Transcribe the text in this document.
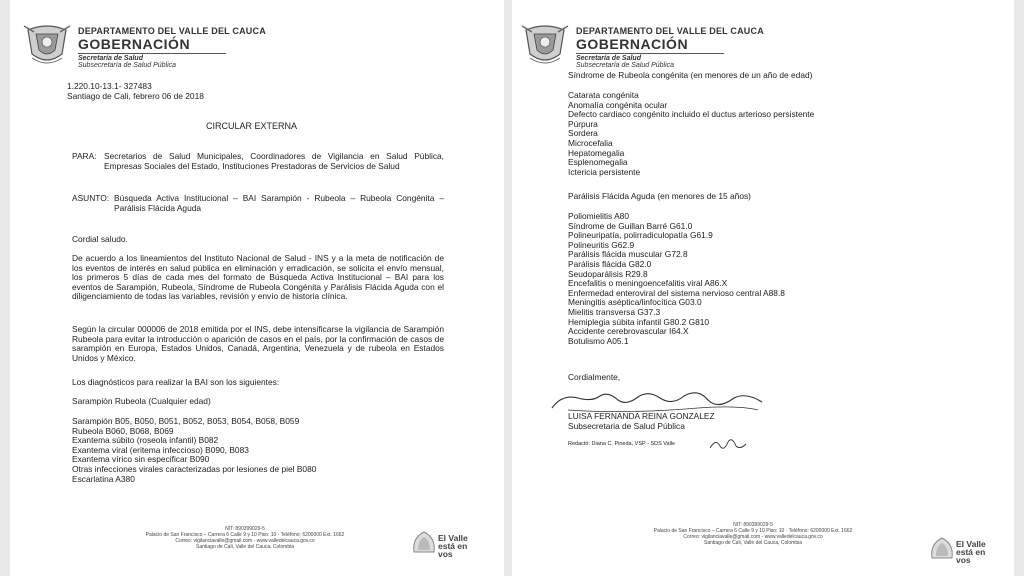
DEPARTAMENTO DEL VALLE DEL CAUCA
GOBERNACIÓN
Secretaría de Salud
Subsecretaría de Salud Pública
1.220.10-13.1- 327483
Santiago de Cali, febrero 06 de 2018
CIRCULAR EXTERNA
PARA: Secretarios de Salud Municipales, Coordinadores de Vigilancia en Salud Pública, Empresas Sociales del Estado, Instituciones Prestadoras de Servicios de Salud
ASUNTO: Búsqueda Activa Institucional – BAI Sarampión - Rubeola – Rubeola Congénita – Parálisis Flácida Aguda
Cordial saludo.
De acuerdo a los lineamientos del Instituto Nacional de Salud - INS y a la meta de notificación de los eventos de interés en salud pública en eliminación y erradicación, se solicita el envío mensual, los primeros 5 días de cada mes del formato de Búsqueda Activa Institucional – BAI para los eventos de Sarampión, Rubeola, Síndrome de Rubeola Congénita y Parálisis Flácida Aguda con el diligenciamiento de todas las variables, revisión y envío de historia clínica.
Según la circular 000006 de 2018 emitida por el INS, debe intensificarse la vigilancia de Sarampión Rubeola para evitar la introducción o aparición de casos en el país, por la confirmación de casos de sarampión en Europa, Estados Unidos, Canadá, Argentina, Venezuela y de rubeola en Estados Unidos y México.
Los diagnósticos para realizar la BAI son los siguientes:
Sarampión Rubeola (Cualquier edad)
Sarampión B05, B050, B051, B052, B053, B054, B058, B059
Rubeola B060, B068, B069
Exantema súbito (roseola infantil) B082
Exantema viral (eritema infeccioso) B090, B083
Exantema vírico sin especificar B090
Otras infecciones virales caracterizadas por lesiones de piel B080
Escarlatina A380
NIT: 890399029-5
Palacio de San Francisco – Carrera 6 Calle 9 y 10 Piso: 10 · Teléfono: 6200000 Ext. 1662
Correo: vigilanciavalle@gmail.com - www.valledelcauca.gov.co
Santiago de Cali, Valle del Cauca, Colombia
El Valle
está en
vos
DEPARTAMENTO DEL VALLE DEL CAUCA
GOBERNACIÓN
Secretaría de Salud
Subsecretaría de Salud Pública
Síndrome de Rubeola congénita (en menores de un año de edad)
Catarata congénita
Anomalía congénita ocular
Defecto cardiaco congénito incluido el ductus arterioso persistente
Púrpura
Sordera
Microcefalia
Hepatomegalia
Esplenomegalia
Ictericia persistente
Parálisis Flácida Aguda (en menores de 15 años)
Poliomielitis A80
Síndrome de Guillan Barré G61.0
Polineuripatía, polirradiculopatía G61.9
Polineuritis G62.9
Parálisis flácida muscular G72.8
Parálisis flácida G82.0
Seudoparálisis R29.8
Encefalitis o meningoencefalitis viral A86.X
Enfermedad enteroviral del sistema nervioso central A88.8
Meningitis aséptica/linfocítica G03.0
Mielitis transversa G37.3
Hemiplegia súbita infantil G80.2 G810
Accidente cerebrovascular I64.X
Botulismo A05.1
Cordialmente,
LUISA FERNANDA REINA GONZALEZ
Subsecretaria de Salud Pública
Redactó: Diana C. Pineda, VSP - SDS Valle
NIT: 890399029-5
Palacio de San Francisco – Carrera 6 Calle 9 y 10 Piso: 10 · Teléfono: 6200000 Ext. 1662
Correo: vigilanciavalle@gmail.com - www.valledelcauca.gov.co
Santiago de Cali, Valle del Cauca, Colombia	El Valle
está en
vos
